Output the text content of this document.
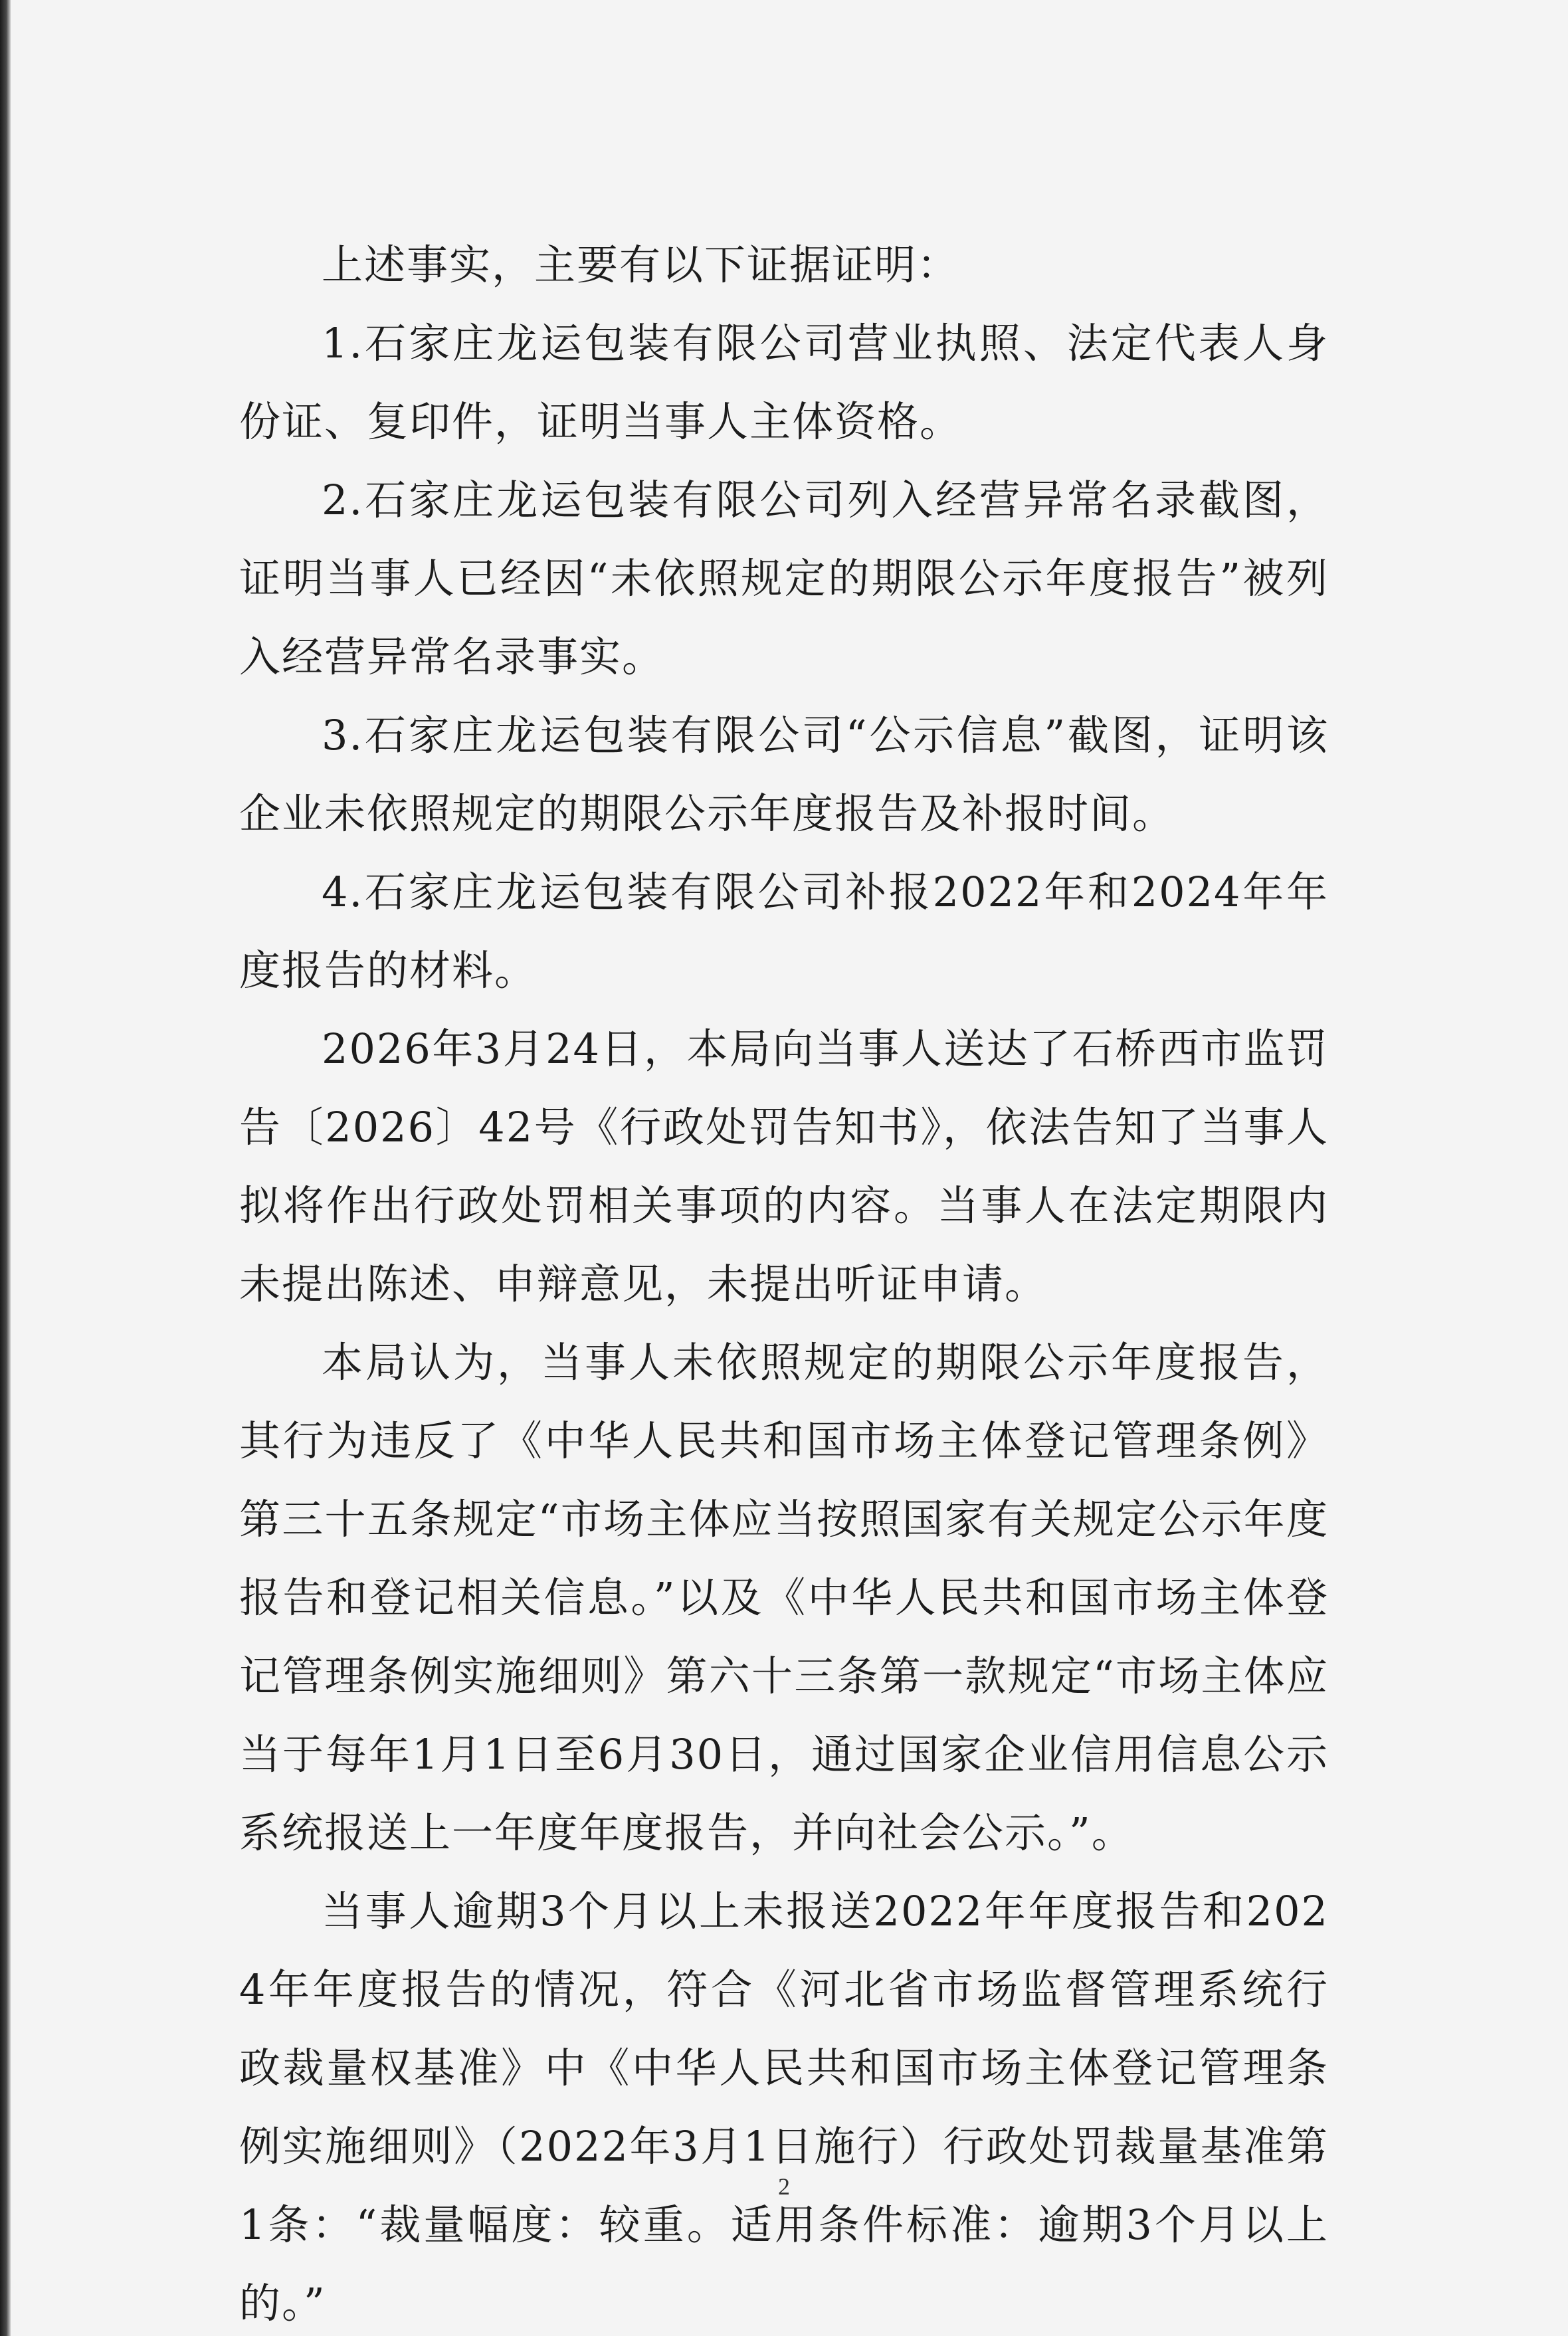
上述事实，主要有以下证据证明：

1.石家庄龙运包装有限公司营业执照、法定代表人身份证、复印件，证明当事人主体资格。

2.石家庄龙运包装有限公司列入经营异常名录截图，证明当事人已经因“未依照规定的期限公示年度报告”被列入经营异常名录事实。

3.石家庄龙运包装有限公司“公示信息”截图，证明该企业未依照规定的期限公示年度报告及补报时间。

4.石家庄龙运包装有限公司补报2022年和2024年年度报告的材料。

2026年3月24日，本局向当事人送达了石桥西市监罚告〔2026〕42号《行政处罚告知书》，依法告知了当事人拟将作出行政处罚相关事项的内容。当事人在法定期限内未提出陈述、申辩意见，未提出听证申请。

本局认为，当事人未依照规定的期限公示年度报告，其行为违反了《中华人民共和国市场主体登记管理条例》第三十五条规定“市场主体应当按照国家有关规定公示年度报告和登记相关信息。”以及《中华人民共和国市场主体登记管理条例实施细则》第六十三条第一款规定“市场主体应当于每年1月1日至6月30日，通过国家企业信用信息公示系统报送上一年度年度报告，并向社会公示。”。

当事人逾期3个月以上未报送2022年年度报告和2024年年度报告的情况，符合《河北省市场监督管理系统行政裁量权基准》中《中华人民共和国市场主体登记管理条例实施细则》（2022年3月1日施行）行政处罚裁量基准第1条：“裁量幅度：较重。适用条件标准：逾期3个月以上的。”

2
